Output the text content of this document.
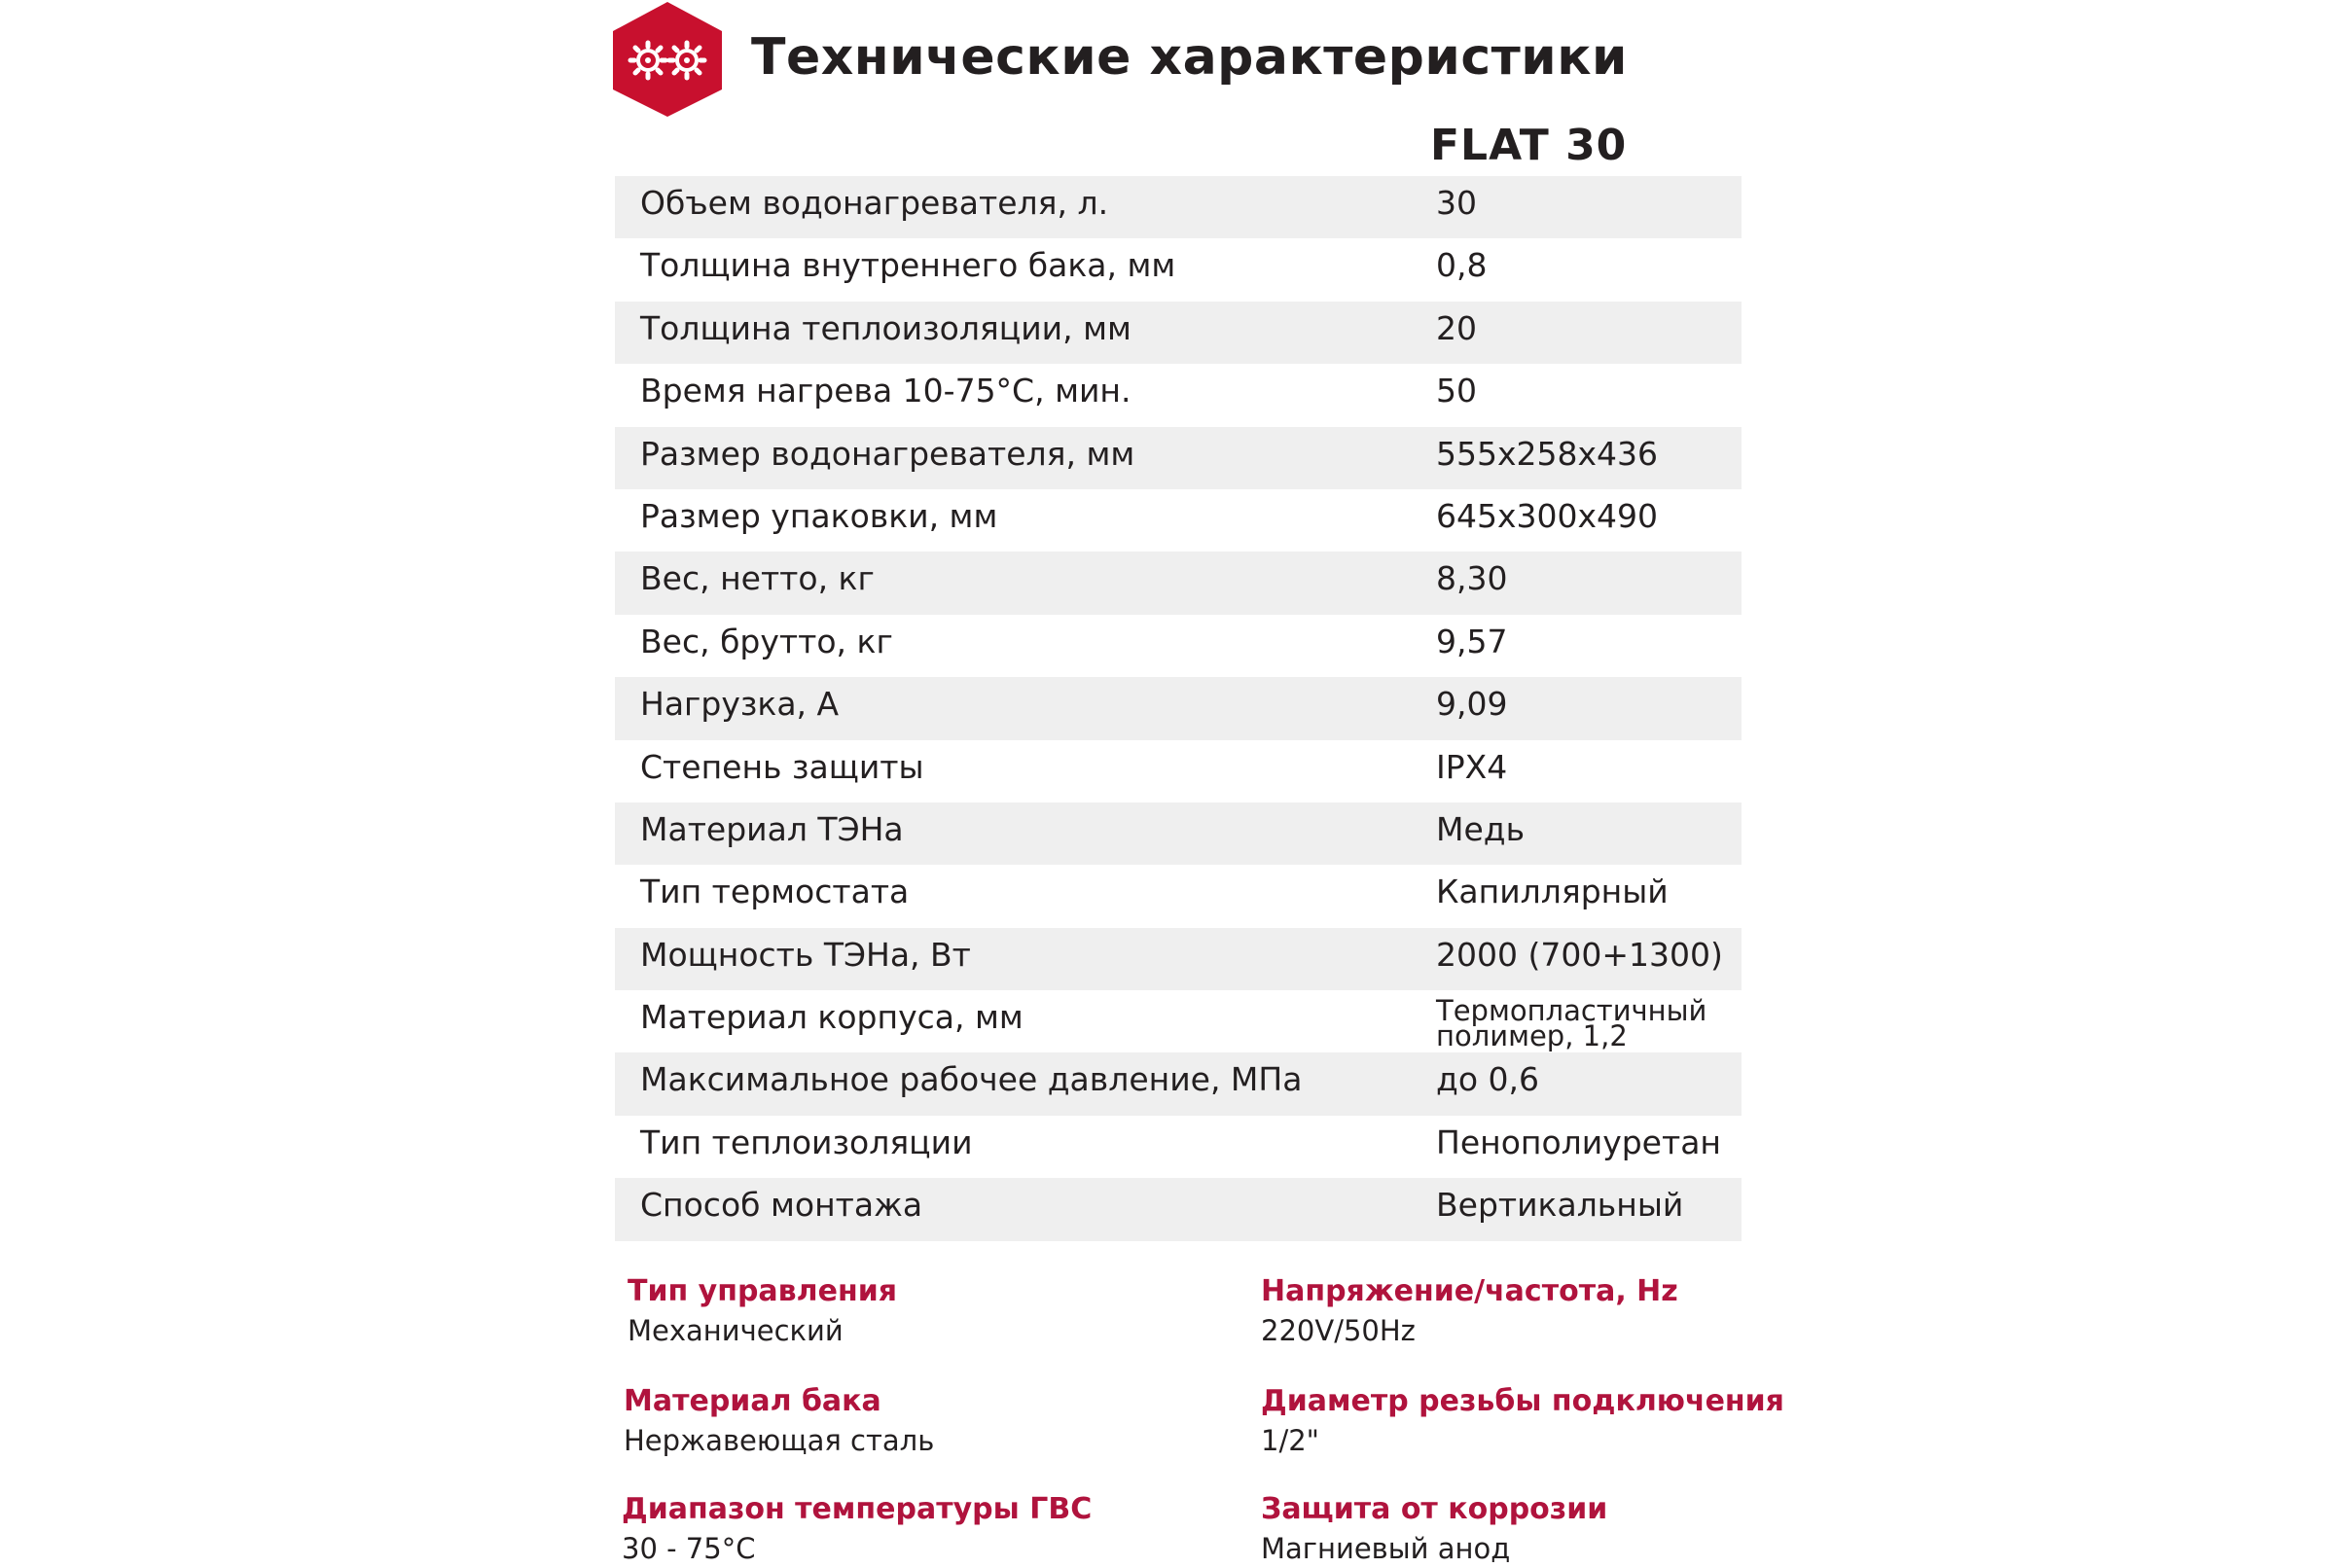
Технические характеристики
FLAT 30
Объем водонагревателя, л.	30
Толщина внутреннего бака, мм	0,8
Толщина теплоизоляции, мм	20
Время нагрева 10-75°С, мин.	50
Размер водонагревателя, мм	555x258x436
Размер упаковки, мм	645x300x490
Вес, нетто, кг	8,30
Вес, брутто, кг	9,57
Нагрузка, А	9,09
Степень защиты	IPX4
Материал ТЭНа	Медь
Тип термостата	Капиллярный
Мощность ТЭНа, Вт	2000 (700+1300)
Материал корпуса, мм	Термопластичный полимер, 1,2
Максимальное рабочее давление, МПа	до 0,6
Тип теплоизоляции	Пенополиуретан
Способ монтажа	Вертикальный
Тип управления
Механический
Напряжение/частота, Hz
220V/50Hz
Материал бака
Нержавеющая сталь
Диаметр резьбы подключения
1/2"
Диапазон температуры ГВС
30 - 75°С
Защита от коррозии
Магниевый анод
